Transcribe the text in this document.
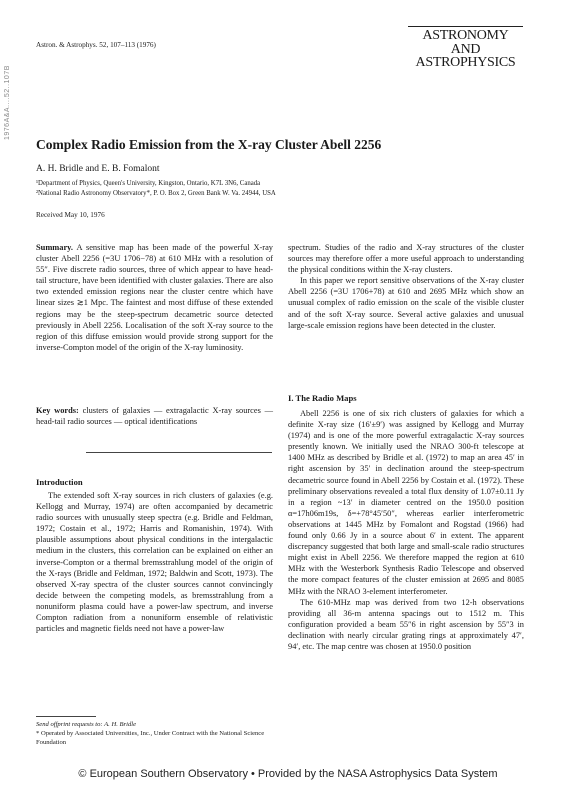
1976A&A....52..107B
Astron. & Astrophys. 52, 107–113 (1976)
ASTRONOMY
AND
ASTROPHYSICS
Complex Radio Emission from the X-ray Cluster Abell 2256
A. H. Bridle and E. B. Fomalont
¹Department of Physics, Queen's University, Kingston, Ontario, K7L 3N6, Canada
²National Radio Astronomy Observatory*, P. O. Box 2, Green Bank W. Va. 24944, USA
Received May 10, 1976

Summary. A sensitive map has been made of the powerful X-ray cluster Abell 2256 (=3U 1706−78) at 610 MHz with a resolution of 55″. Five discrete radio sources, three of which appear to have head-tail structure, have been identified with cluster galaxies. There are also two extended emission regions near the cluster centre which have linear sizes ≳1 Mpc. The faintest and most diffuse of these extended regions may be the steep-spectrum decametric source detected previously in Abell 2256. Localisation of the soft X-ray source to the region of this diffuse emission would provide strong support for the inverse-Compton model of the origin of the X-ray luminosity.

Key words: clusters of galaxies — extragalactic X-ray sources — head-tail radio sources — optical identifications

Introduction

The extended soft X-ray sources in rich clusters of galaxies (e.g. Kellogg and Murray, 1974) are often accompanied by decametric radio sources with unusually steep spectra (e.g. Bridle and Feldman, 1972; Costain et al., 1972; Harris and Romanishin, 1974). With plausible assumptions about physical conditions in the intergalactic medium in the clusters, this correlation can be explained on either an inverse-Compton or a thermal bremsstrahlung model of the origin of the X-rays (Bridle and Feldman, 1972; Baldwin and Scott, 1973). The observed X-ray spectra of the cluster sources cannot convincingly decide between the competing models, as bremsstrahlung from a nonuniform plasma could have a power-law spectrum, and inverse Compton radiation from a nonuniform ensemble of relativistic particles and magnetic fields need not have a power-law

Send offprint requests to: A. H. Bridle
* Operated by Associated Universities, Inc., Under Contract with the National Science Foundation

spectrum. Studies of the radio and X-ray structures of the cluster sources may therefore offer a more useful approach to understanding the physical conditions within the X-ray clusters.

In this paper we report sensitive observations of the X-ray cluster Abell 2256 (=3U 1706+78) at 610 and 2695 MHz which show an unusual complex of radio emission on the scale of the visible cluster and of the soft X-ray source. Several active galaxies and unusual large-scale emission regions have been detected in the cluster.

I. The Radio Maps

Abell 2256 is one of six rich clusters of galaxies for which a definite X-ray size (16′±9′) was assigned by Kellogg and Murray (1974) and is one of the more powerful extragalactic X-ray sources presently known. We initially used the NRAO 300-ft telescope at 1400 MHz as described by Bridle et al. (1972) to map an area 45′ in right ascension by 35′ in declination around the steep-spectrum decametric source found in Abell 2256 by Costain et al. (1972). These preliminary observations revealed a total flux density of 1.07±0.11 Jy in a region ~13′ in diameter centred on the 1950.0 position α=17h06m19s, δ=+78°45′50″, whereas earlier interferometric observations at 1445 MHz by Fomalont and Rogstad (1966) had found only 0.66 Jy in a source about 6′ in extent. The apparent discrepancy suggested that both large and small-scale radio structures might exist in Abell 2256. We therefore mapped the region at 610 MHz with the Westerbork Synthesis Radio Telescope and observed the more compact features of the cluster emission at 2695 and 8085 MHz with the NRAO 3-element interferometer.

The 610-MHz map was derived from two 12-h observations providing all 36-m antenna spacings out to 1512 m. This configuration provided a beam 55″6 in right ascension by 55″3 in declination with nearly circular grating rings at approximately 47′, 94′, etc. The map centre was chosen at 1950.0 position

© European Southern Observatory • Provided by the NASA Astrophysics Data System
